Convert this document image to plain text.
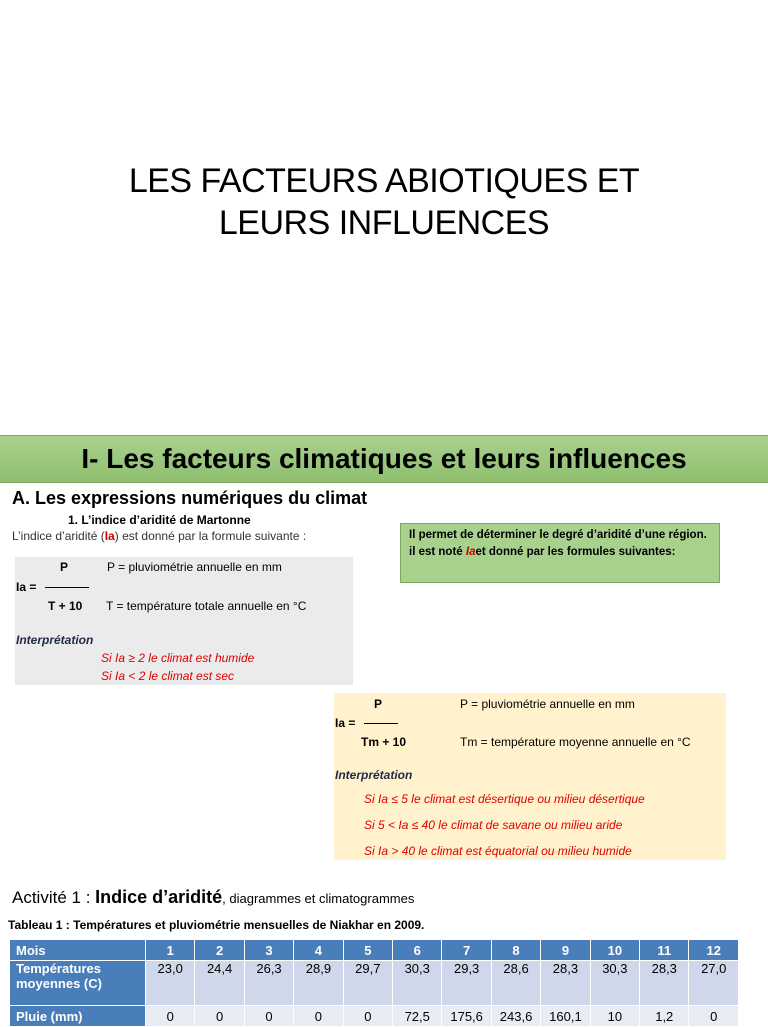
LES FACTEURS ABIOTIQUES ET
LEURS INFLUENCES
I- Les facteurs climatiques et leurs influences
A. Les expressions numériques du climat
1. L’indice d’aridité de Martonne
L’indice d’aridité (Ia) est donné par la formule suivante :	Il permet de déterminer le degré d’aridité d’une région. il est noté Iaet donné par les formules suivantes:
P	P = pluviométrie annuelle en mm
Ia =
T + 10 T = température totale annuelle en °C
Interprétation
Si Ia ≥ 2 le climat est humide
Si Ia < 2 le climat est sec
P	P = pluviométrie annuelle en mm
Ia =
Tm + 10	Tm = température moyenne annuelle en °C
Interprétation
Si Ia ≤ 5 le climat est désertique ou milieu désertique
Si 5 < Ia ≤ 40 le climat de savane ou milieu aride
Si Ia > 40 le climat est équatorial ou milieu humide
Activité 1 : Indice d’aridité, diagrammes et climatogrammes
Tableau 1 : Températures et pluviométrie mensuelles de Niakhar en 2009.
Mois	1	2	3	4	5	6	7	8	9	10	11	12
Températures moyennes (C)	23,0	24,4	26,3	28,9	29,7	30,3	29,3	28,6	28,3	30,3	28,3	27,0
Pluie (mm)	0	0	0	0	0	72,5	175,6	243,6	160,1	10	1,2	0
